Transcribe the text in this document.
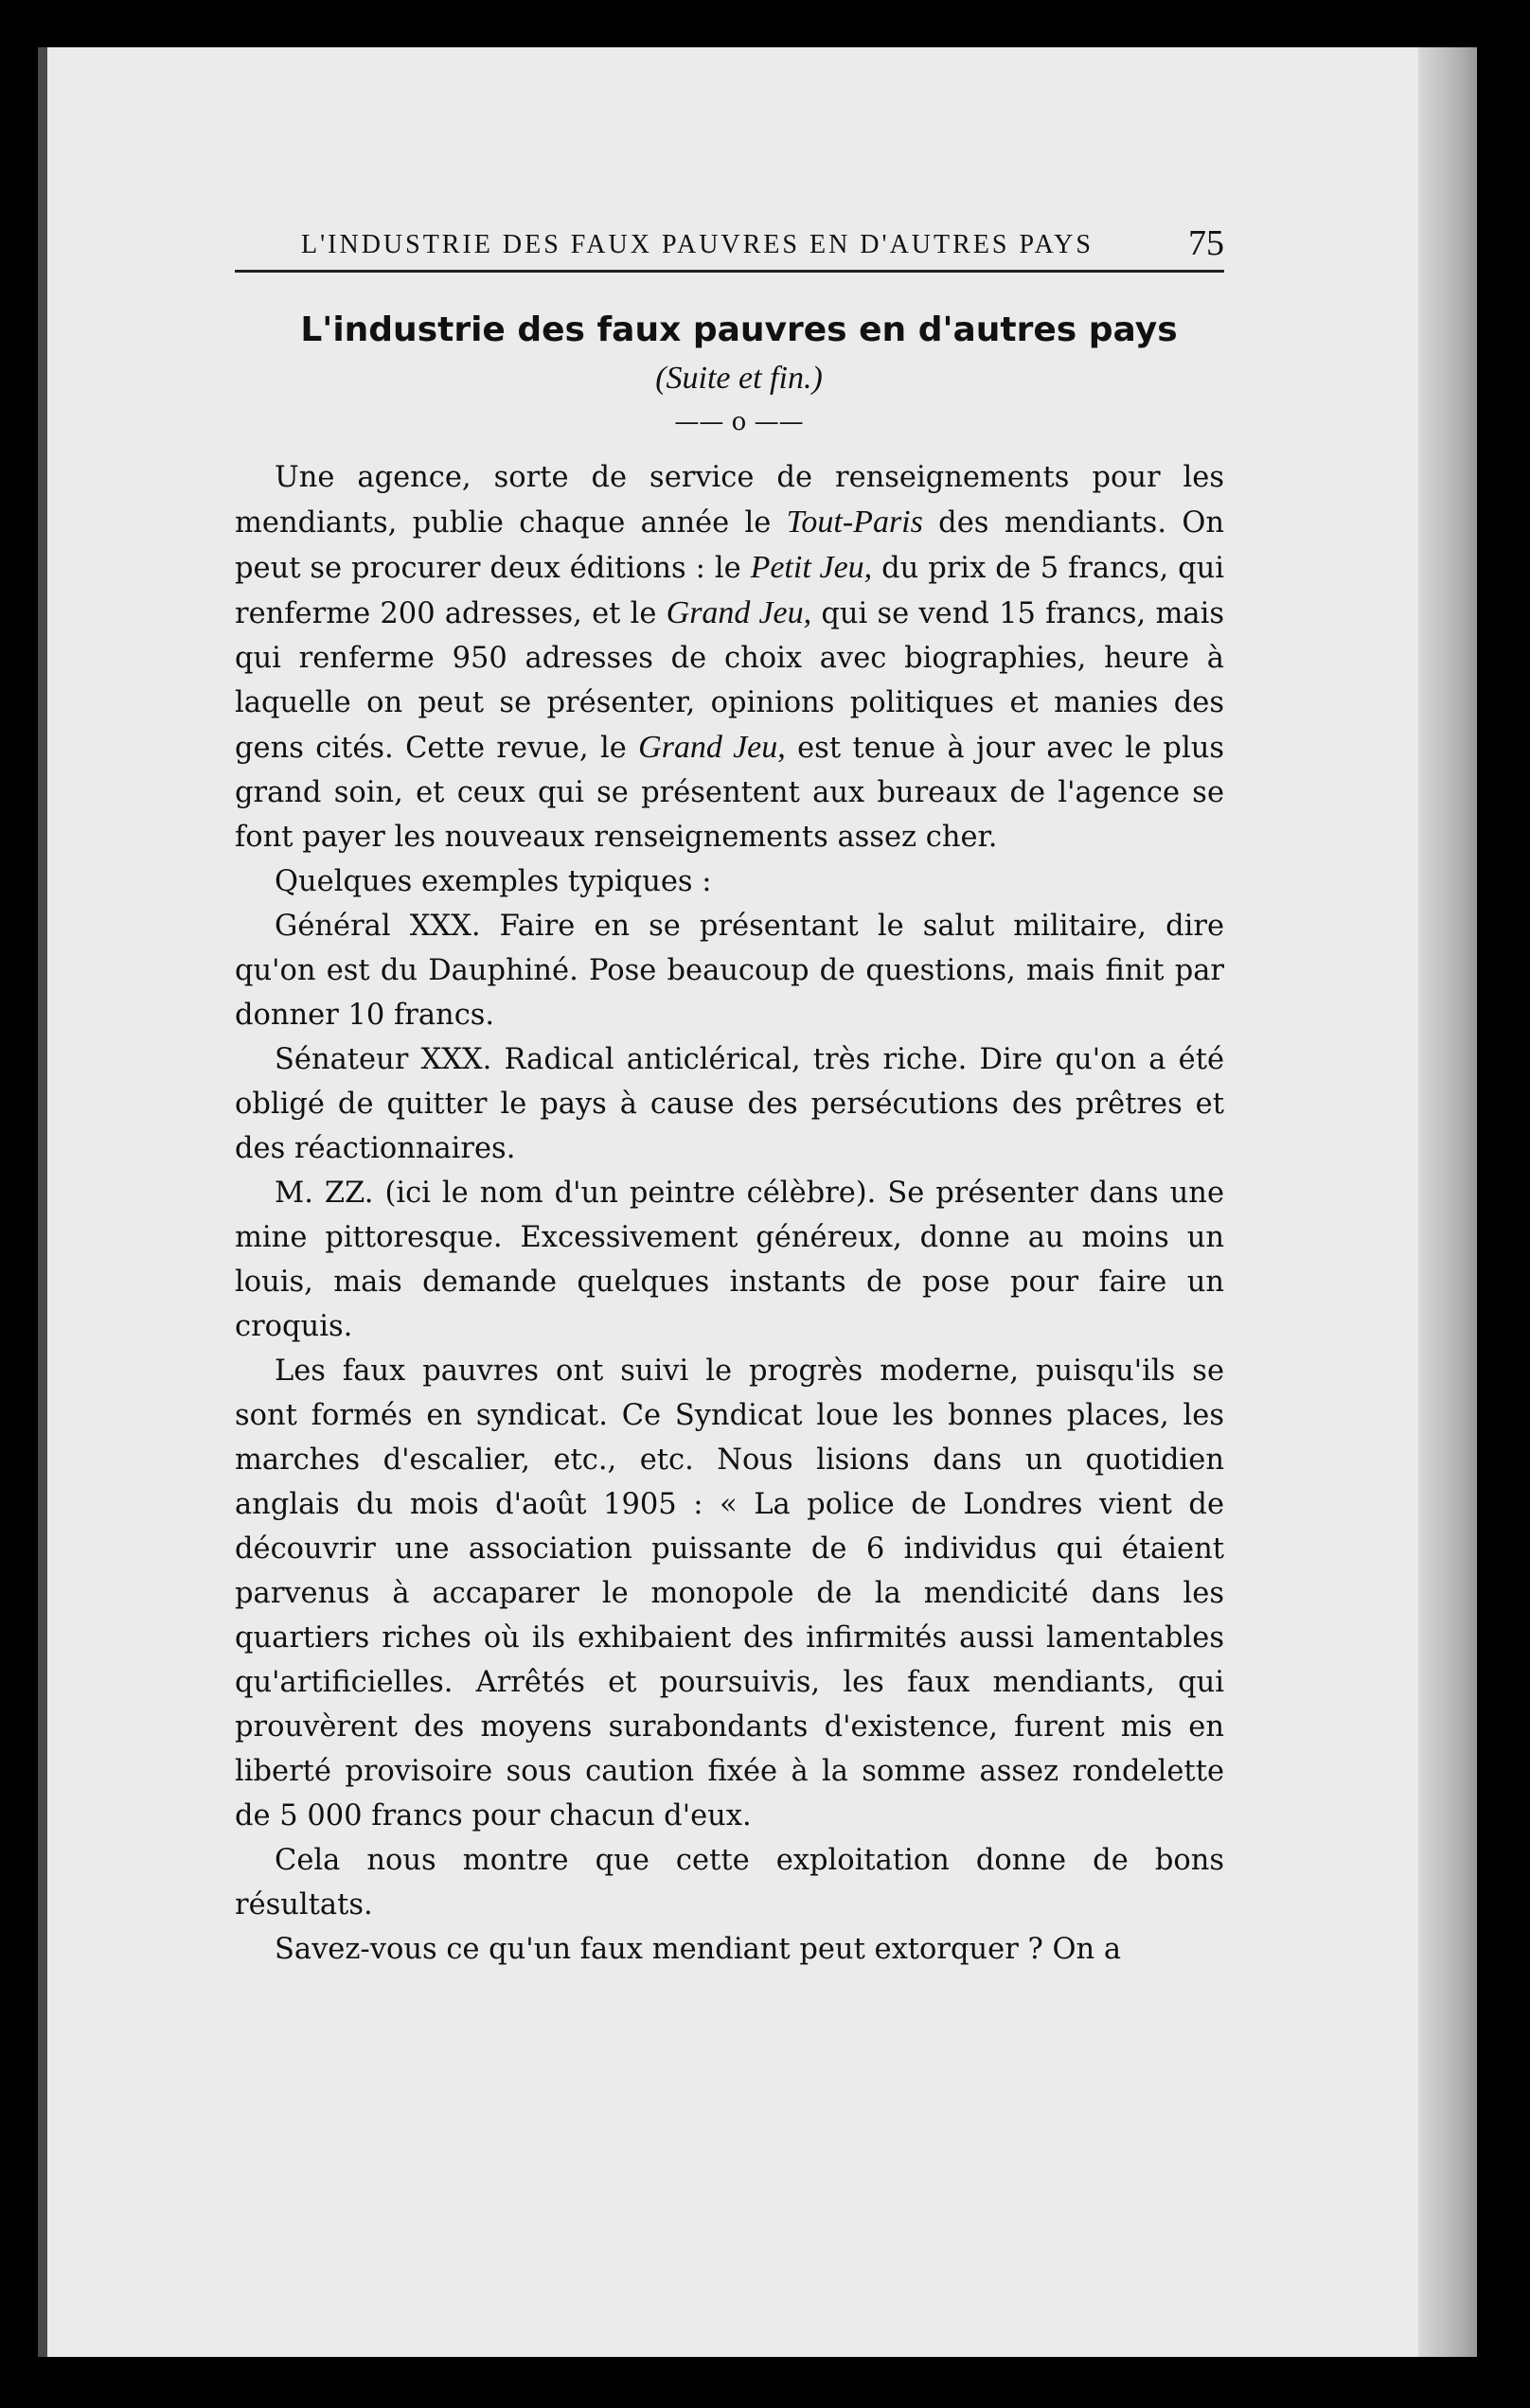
L'INDUSTRIE DES FAUX PAUVRES EN D'AUTRES PAYS	75
L'industrie des faux pauvres en d'autres pays
(Suite et fin.)
—— o ——

Une agence, sorte de service de renseignements pour les mendiants, publie chaque année le Tout-Paris des mendiants. On peut se procurer deux éditions : le Petit Jeu, du prix de 5 francs, qui renferme 200 adresses, et le Grand Jeu, qui se vend 15 francs, mais qui renferme 950 adresses de choix avec biographies, heure à laquelle on peut se présenter, opinions politiques et manies des gens cités. Cette revue, le Grand Jeu, est tenue à jour avec le plus grand soin, et ceux qui se présentent aux bureaux de l'agence se font payer les nouveaux renseignements assez cher.

Quelques exemples typiques :

Général XXX. Faire en se présentant le salut militaire, dire qu'on est du Dauphiné. Pose beaucoup de questions, mais finit par donner 10 francs.

Sénateur XXX. Radical anticlérical, très riche. Dire qu'on a été obligé de quitter le pays à cause des persécutions des prêtres et des réactionnaires.

M. ZZ. (ici le nom d'un peintre célèbre). Se présenter dans une mine pittoresque. Excessivement généreux, donne au moins un louis, mais demande quelques instants de pose pour faire un croquis.

Les faux pauvres ont suivi le progrès moderne, puisqu'ils se sont formés en syndicat. Ce Syndicat loue les bonnes places, les marches d'escalier, etc., etc. Nous lisions dans un quotidien anglais du mois d'août 1905 : « La police de Londres vient de découvrir une association puissante de 6 individus qui étaient parvenus à accaparer le monopole de la mendicité dans les quartiers riches où ils exhibaient des infirmités aussi lamentables qu'artificielles. Arrêtés et poursuivis, les faux mendiants, qui prouvèrent des moyens surabondants d'existence, furent mis en liberté provisoire sous caution fixée à la somme assez rondelette de 5 000 francs pour chacun d'eux.

Cela nous montre que cette exploitation donne de bons résultats.

Savez-vous ce qu'un faux mendiant peut extorquer ? On a
